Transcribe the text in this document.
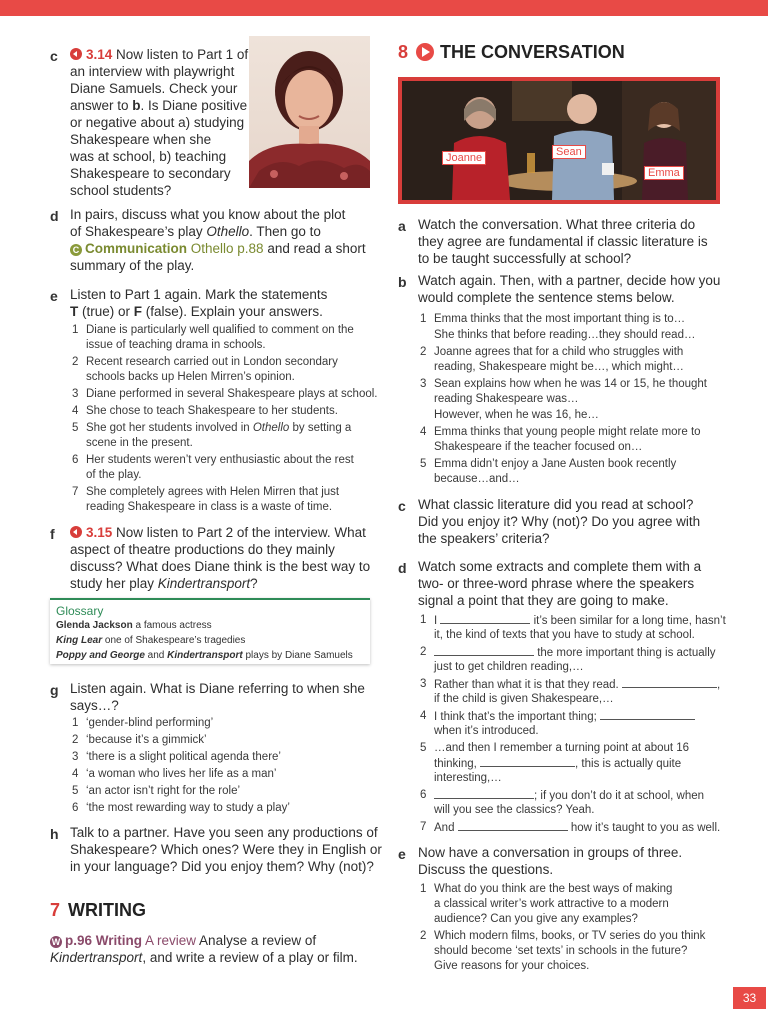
c	3.14 Now listen to Part 1 of
an interview with playwright
Diane Samuels. Check your
answer to b. Is Diane positive
or negative about a) studying
Shakespeare when she
was at school, b) teaching
Shakespeare to secondary
school students?
d In pairs, discuss what you know about the plot
of Shakespeare’s play Othello. Then go to
C Communication Othello p.88 and read a short
summary of the play.
e Listen to Part 1 again. Mark the statements
T (true) or F (false). Explain your answers.
1 Diane is particularly well qualified to comment on the
issue of teaching drama in schools.
2 Recent research carried out in London secondary
schools backs up Helen Mirren’s opinion.
3 Diane performed in several Shakespeare plays at school.
4 She chose to teach Shakespeare to her students.
5 She got her students involved in Othello by setting a
scene in the present.
6 Her students weren’t very enthusiastic about the rest
of the play.
7 She completely agrees with Helen Mirren that just
reading Shakespeare in class is a waste of time.
f	3.15 Now listen to Part 2 of the interview. What
aspect of theatre productions do they mainly
discuss? What does Diane think is the best way to
study her play Kindertransport?
Glossary
Glenda Jackson a famous actress
King Lear one of Shakespeare’s tragedies
Poppy and George and Kindertransport plays by Diane Samuels
g Listen again. What is Diane referring to when she
says…?
1 ‘gender-blind performing’
2 ‘because it’s a gimmick’
3 ‘there is a slight political agenda there’
4 ‘a woman who lives her life as a man’
5 ‘an actor isn’t right for the role’
6 ‘the most rewarding way to study a play’
h Talk to a partner. Have you seen any productions of
Shakespeare? Which ones? Were they in English or
in your language? Did you enjoy them? Why (not)?
7 WRITING
W p.96 Writing A review Analyse a review of
Kindertransport, and write a review of a play or film.
8 THE CONVERSATION
Joanne	Sean
Emma
a Watch the conversation. What three criteria do
they agree are fundamental if classic literature is
to be taught successfully at school?
b Watch again. Then, with a partner, decide how you
would complete the sentence stems below.
1 Emma thinks that the most important thing is to…
She thinks that before reading…they should read…
2 Joanne agrees that for a child who struggles with
reading, Shakespeare might be…, which might…
3 Sean explains how when he was 14 or 15, he thought
reading Shakespeare was…
However, when he was 16, he…
4 Emma thinks that young people might relate more to
Shakespeare if the teacher focused on…
5 Emma didn’t enjoy a Jane Austen book recently
because…and…
c What classic literature did you read at school?
Did you enjoy it? Why (not)? Do you agree with
the speakers’ criteria?
d Watch some extracts and complete them with a
two- or three-word phrase where the speakers
signal a point that they are going to make.
1 I	it’s been similar for a long time, hasn’t
it, the kind of texts that you have to study at school.
2	the more important thing is actually
just to get children reading,…
3 Rather than what it is that they read.	,
if the child is given Shakespeare,…
4 I think that’s the important thing;
when it’s introduced.
5 …and then I remember a turning point at about 16
thinking,	, this is actually quite
interesting,…
6	; if you don’t do it at school, when
will you see the classics? Yeah.
7 And	how it’s taught to you as well.
e Now have a conversation in groups of three.
Discuss the questions.
1 What do you think are the best ways of making
a classical writer’s work attractive to a modern
audience? Can you give any examples?
2 Which modern films, books, or TV series do you think
should become ‘set texts’ in schools in the future?
Give reasons for your choices.
33
